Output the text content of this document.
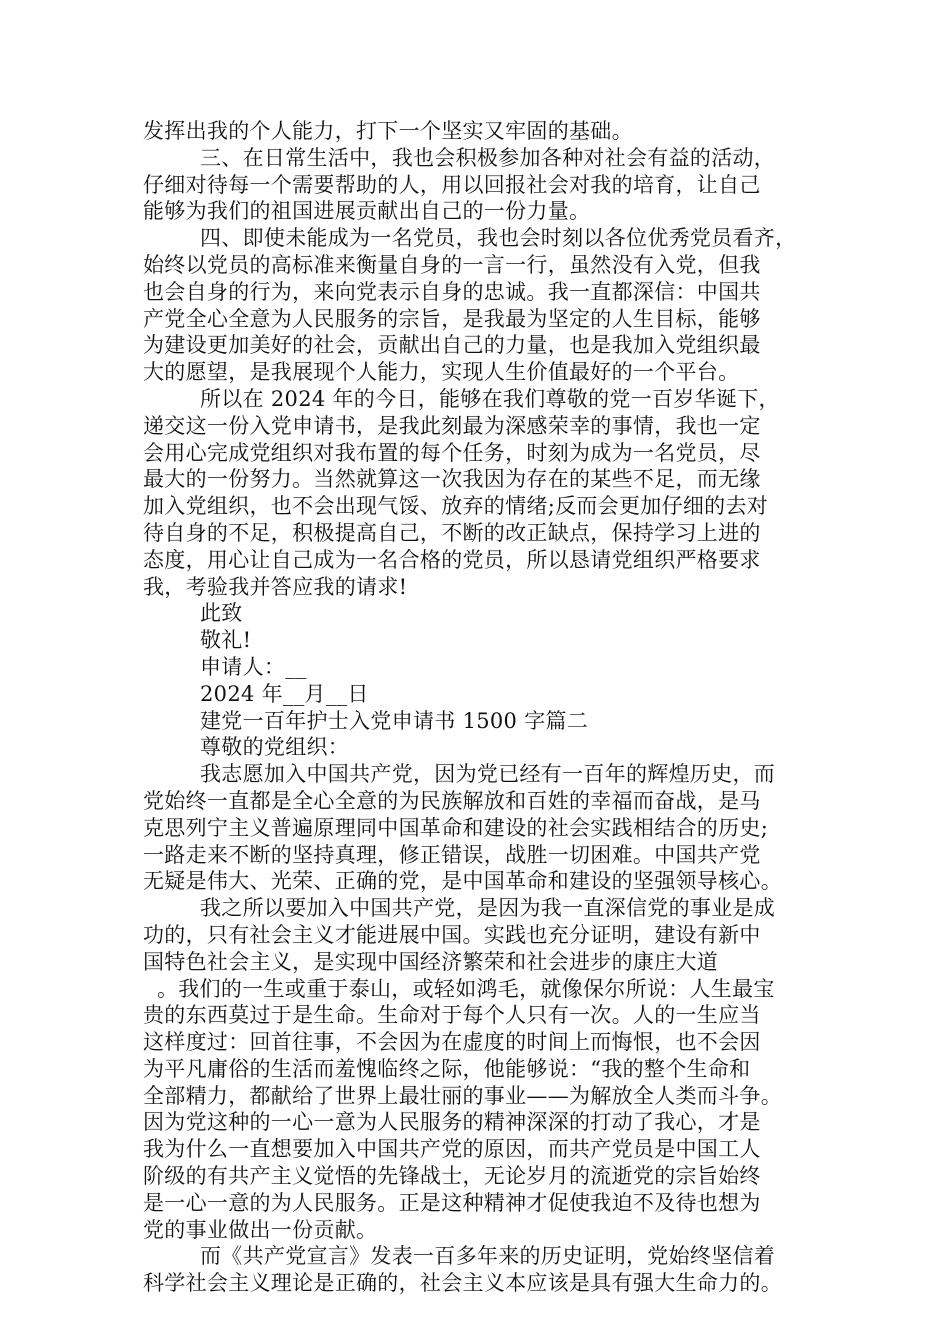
发挥出我的个人能力，打下一个坚实又牢固的基础。
三、在日常生活中，我也会积极参加各种对社会有益的活动，
仔细对待每一个需要帮助的人，用以回报社会对我的培育，让自己
能够为我们的祖国进展贡献出自己的一份力量。
四、即使未能成为一名党员，我也会时刻以各位优秀党员看齐，
始终以党员的高标准来衡量自身的一言一行，虽然没有入党，但我
也会自身的行为，来向党表示自身的忠诚。我一直都深信：中国共
产党全心全意为人民服务的宗旨，是我最为坚定的人生目标，能够
为建设更加美好的社会，贡献出自己的力量，也是我加入党组织最
大的愿望，是我展现个人能力，实现人生价值最好的一个平台。
所以在 2024 年的今日，能够在我们尊敬的党一百岁华诞下，
递交这一份入党申请书，是我此刻最为深感荣幸的事情，我也一定
会用心完成党组织对我布置的每个任务，时刻为成为一名党员，尽
最大的一份努力。当然就算这一次我因为存在的某些不足，而无缘
加入党组织，也不会出现气馁、放弃的情绪;反而会更加仔细的去对
待自身的不足，积极提高自己，不断的改正缺点，保持学习上进的
态度，用心让自己成为一名合格的党员，所以恳请党组织严格要求
我，考验我并答应我的请求!
此致
敬礼!
申请人：__
2024 年__月__日
建党一百年护士入党申请书 1500 字篇二
尊敬的党组织：
我志愿加入中国共产党，因为党已经有一百年的辉煌历史，而
党始终一直都是全心全意的为民族解放和百姓的幸福而奋战，是马
克思列宁主义普遍原理同中国革命和建设的社会实践相结合的历史;
一路走来不断的坚持真理，修正错误，战胜一切困难。中国共产党
无疑是伟大、光荣、正确的党，是中国革命和建设的坚强领导核心。
我之所以要加入中国共产党，是因为我一直深信党的事业是成
功的，只有社会主义才能进展中国。实践也充分证明，建设有新中
国特色社会主义，是实现中国经济繁荣和社会进步的康庄大道
。我们的一生或重于泰山，或轻如鸿毛，就像保尔所说：人生最宝
贵的东西莫过于是生命。生命对于每个人只有一次。人的一生应当
这样度过：回首往事，不会因为在虚度的时间上而悔恨，也不会因
为平凡庸俗的生活而羞愧临终之际，他能够说：“我的整个生命和
全部精力，都献给了世界上最壮丽的事业——为解放全人类而斗争。
因为党这种的一心一意为人民服务的精神深深的打动了我心，才是
我为什么一直想要加入中国共产党的原因，而共产党员是中国工人
阶级的有共产主义觉悟的先锋战士，无论岁月的流逝党的宗旨始终
是一心一意的为人民服务。正是这种精神才促使我迫不及待也想为
党的事业做出一份贡献。
而《共产党宣言》发表一百多年来的历史证明，党始终坚信着
科学社会主义理论是正确的，社会主义本应该是具有强大生命力的。
